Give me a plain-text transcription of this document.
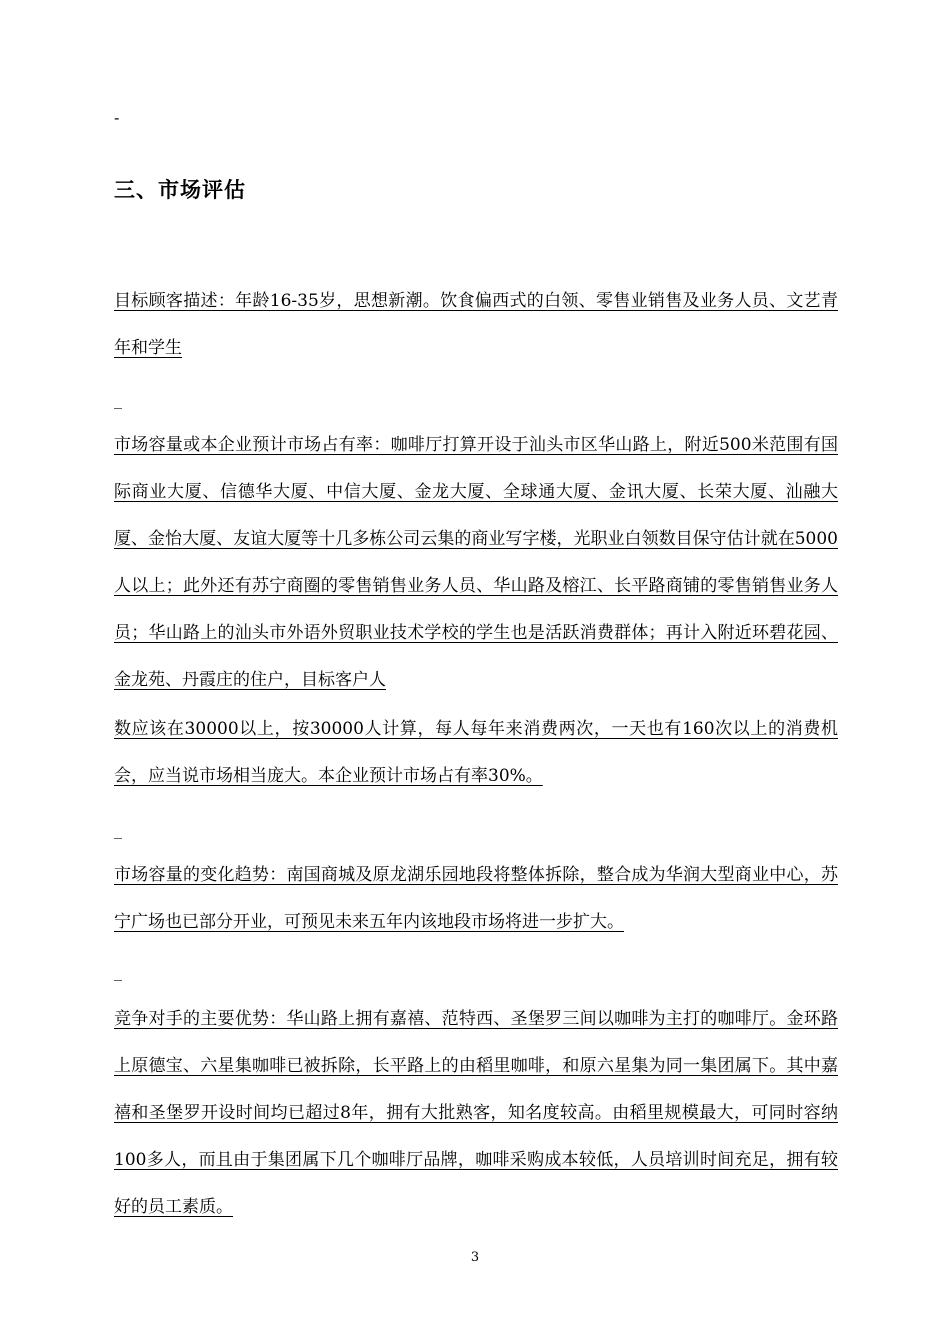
-
三、市场评估
目标顾客描述：年龄16-35岁，思想新潮。饮食偏西式的白领、零售业销售及业务人员、文艺青年和学生
_
市场容量或本企业预计市场占有率：咖啡厅打算开设于汕头市区华山路上，附近500米范围有国际商业大厦、信德华大厦、中信大厦、金龙大厦、全球通大厦、金讯大厦、长荣大厦、汕融大厦、金怡大厦、友谊大厦等十几多栋公司云集的商业写字楼，光职业白领数目保守估计就在5000人以上；此外还有苏宁商圈的零售销售业务人员、华山路及榕江、长平路商铺的零售销售业务人员；华山路上的汕头市外语外贸职业技术学校的学生也是活跃消费群体；再计入附近环碧花园、金龙苑、丹霞庄的住户，目标客户人
数应该在30000以上，按30000人计算，每人每年来消费两次，一天也有160次以上的消费机会，应当说市场相当庞大。本企业预计市场占有率30%。
_
市场容量的变化趋势：南国商城及原龙湖乐园地段将整体拆除，整合成为华润大型商业中心，苏宁广场也已部分开业，可预见未来五年内该地段市场将进一步扩大。
_
竞争对手的主要优势：华山路上拥有嘉禧、范特西、圣堡罗三间以咖啡为主打的咖啡厅。金环路上原德宝、六星集咖啡已被拆除，长平路上的由稻里咖啡，和原六星集为同一集团属下。其中嘉禧和圣堡罗开设时间均已超过8年，拥有大批熟客，知名度较高。由稻里规模最大，可同时容纳100多人，而且由于集团属下几个咖啡厅品牌，咖啡采购成本较低，人员培训时间充足，拥有较好的员工素质。
3
